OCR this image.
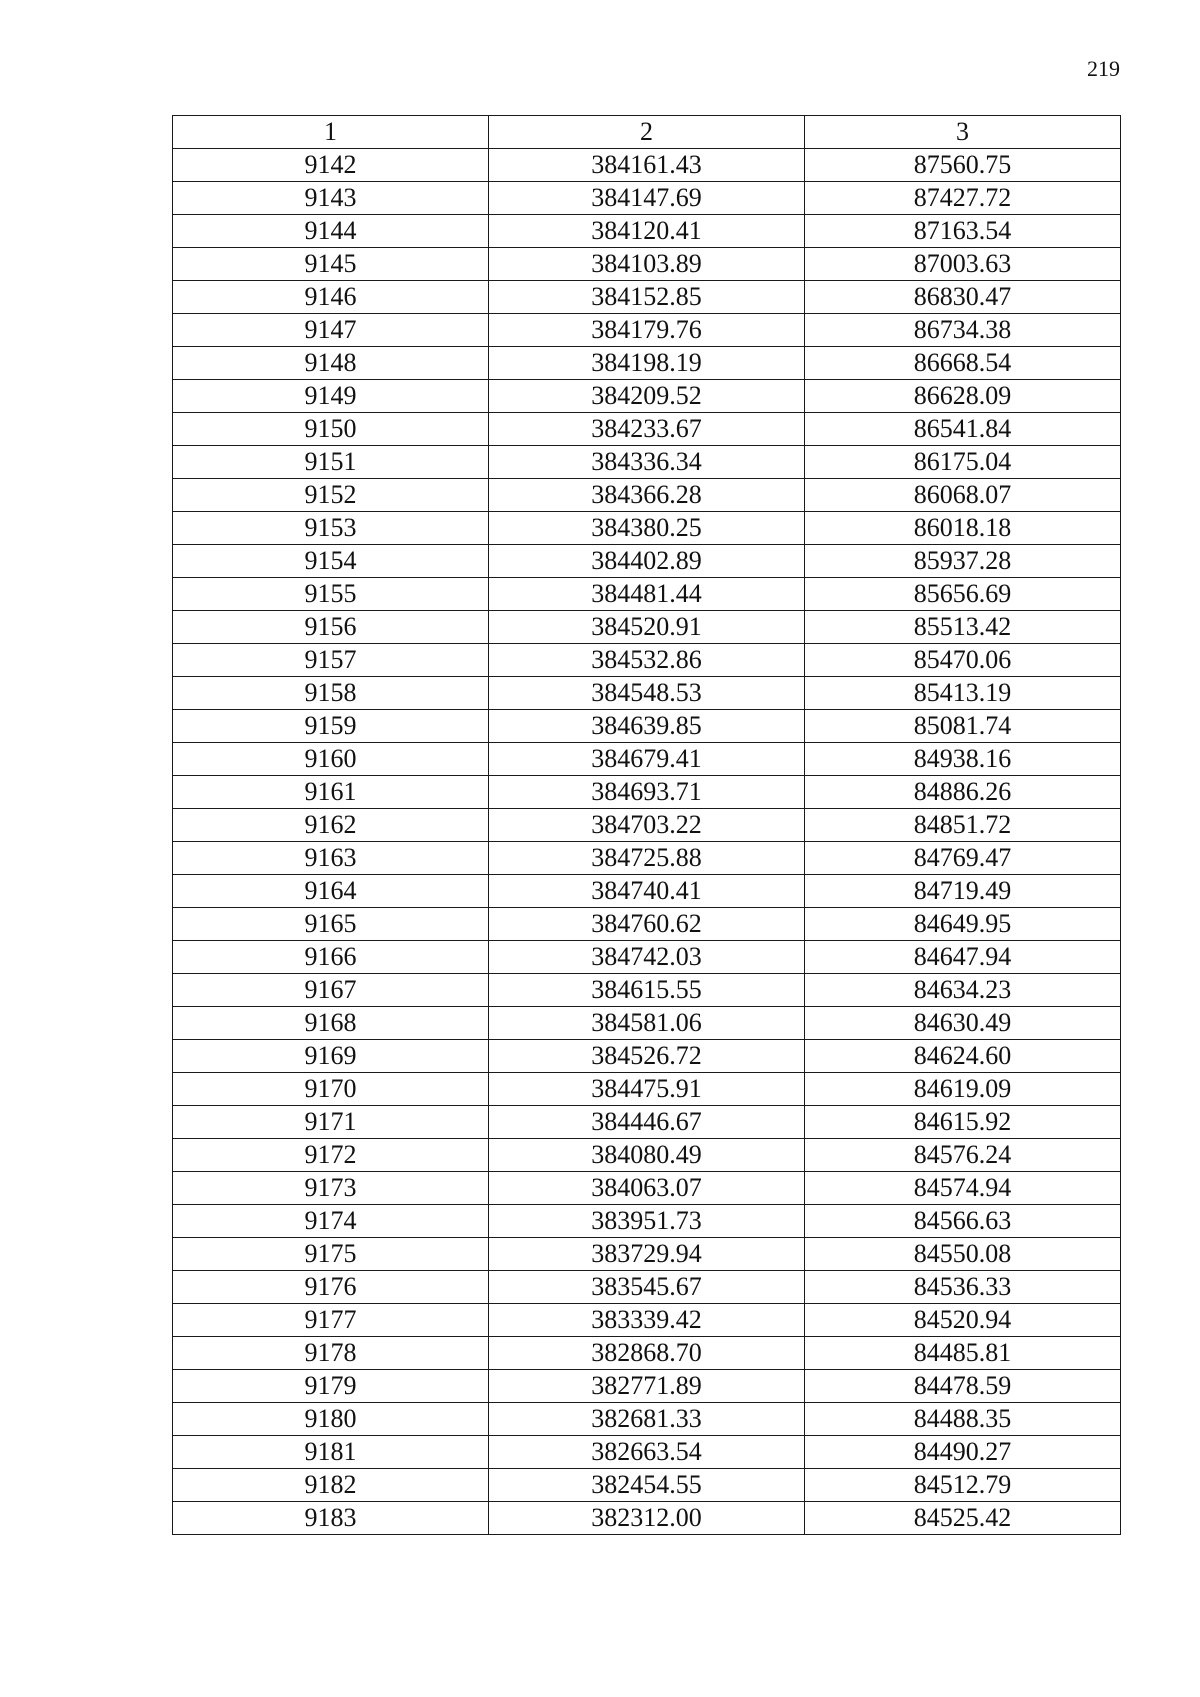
219
1	2	3
9142	384161.43	87560.75
9143	384147.69	87427.72
9144	384120.41	87163.54
9145	384103.89	87003.63
9146	384152.85	86830.47
9147	384179.76	86734.38
9148	384198.19	86668.54
9149	384209.52	86628.09
9150	384233.67	86541.84
9151	384336.34	86175.04
9152	384366.28	86068.07
9153	384380.25	86018.18
9154	384402.89	85937.28
9155	384481.44	85656.69
9156	384520.91	85513.42
9157	384532.86	85470.06
9158	384548.53	85413.19
9159	384639.85	85081.74
9160	384679.41	84938.16
9161	384693.71	84886.26
9162	384703.22	84851.72
9163	384725.88	84769.47
9164	384740.41	84719.49
9165	384760.62	84649.95
9166	384742.03	84647.94
9167	384615.55	84634.23
9168	384581.06	84630.49
9169	384526.72	84624.60
9170	384475.91	84619.09
9171	384446.67	84615.92
9172	384080.49	84576.24
9173	384063.07	84574.94
9174	383951.73	84566.63
9175	383729.94	84550.08
9176	383545.67	84536.33
9177	383339.42	84520.94
9178	382868.70	84485.81
9179	382771.89	84478.59
9180	382681.33	84488.35
9181	382663.54	84490.27
9182	382454.55	84512.79
9183	382312.00	84525.42
